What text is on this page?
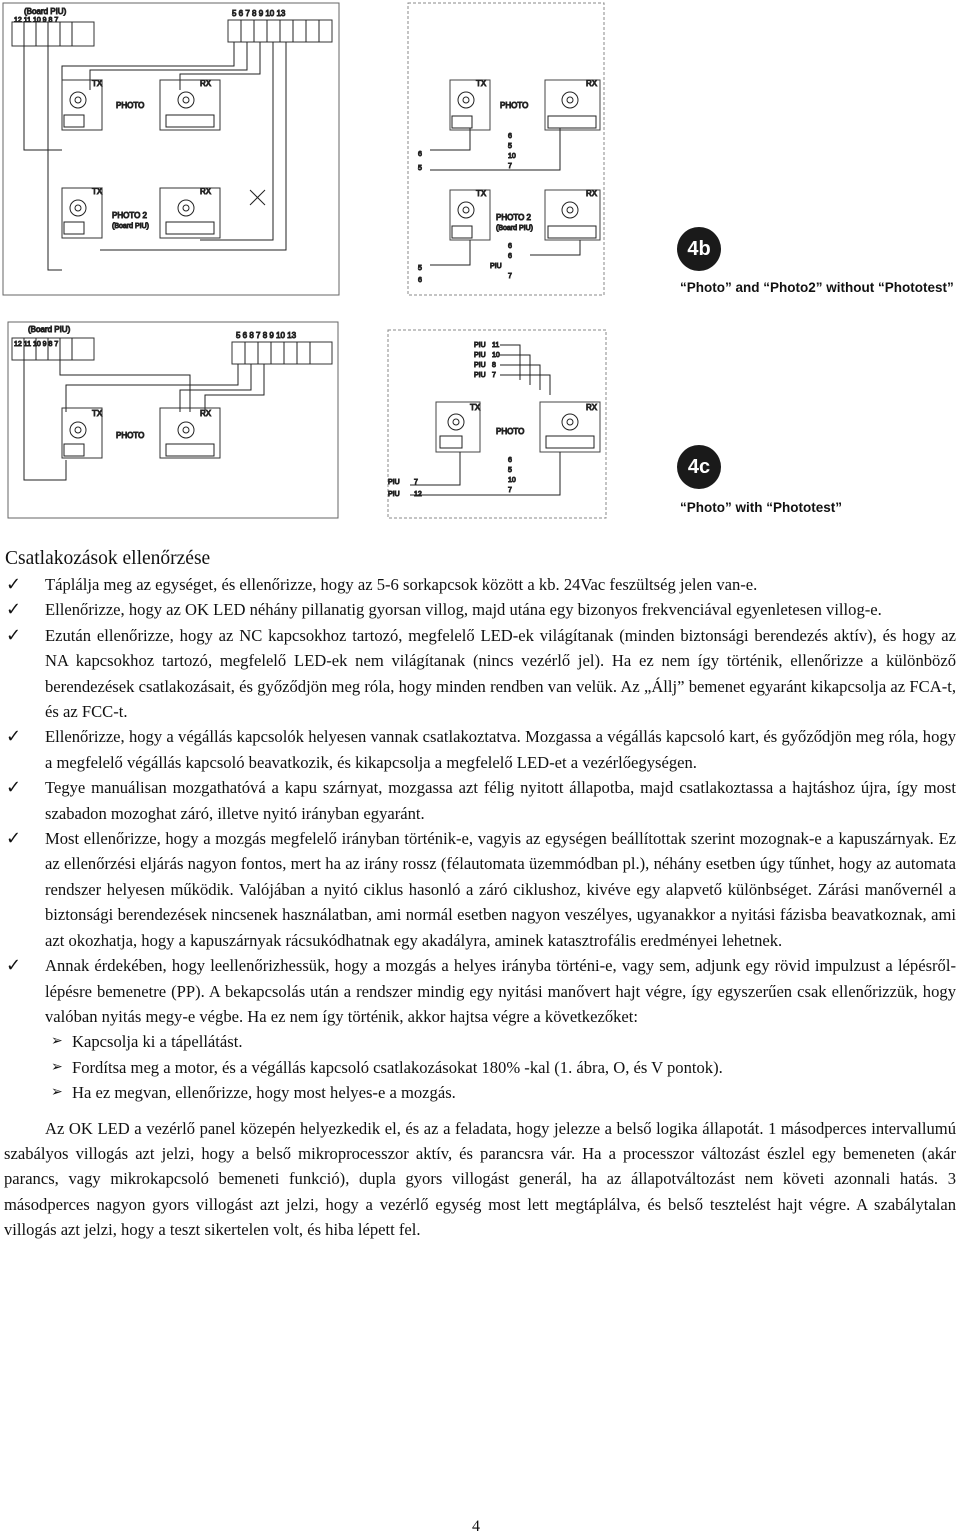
(Board PIU)
12 11 10 9 8 7
5 6 7 8 9 10 13
TX	RX
PHOTO
TX	RX
PHOTO 2
(Board PIU)
TX	RX
PHOTO
TX	RX
PHOTO 2
(Board PIU)
6
5
6
5
10
7
6
6
PIU
7
5
6
(Board PIU)
12 11 10 9 8 7
5 6 8 7 8 9 10 13
TX	RX
PHOTO
TX	RX
PHOTO
PIU 11
PIU 10
PIU 8
PIU 7
6
5
10
7
PIU 7
PIU 12
4b
“Photo” and “Photo2” without “Phototest”
4c
“Photo” with “Phototest”
Csatlakozások ellenőrzése
✓ Táplálja meg az egységet, és ellenőrizze, hogy az 5-6 sorkapcsok között a kb. 24Vac feszültség jelen van-e.
✓ Ellenőrizze, hogy az OK LED néhány pillanatig gyorsan villog, majd utána egy bizonyos frekvenciával egyenletesen villog-e.
✓ Ezután ellenőrizze, hogy az NC kapcsokhoz tartozó, megfelelő LED-ek világítanak (minden biztonsági berendezés aktív), és hogy az NA kapcsokhoz tartozó, megfelelő LED-ek nem világítanak (nincs vezérlő jel). Ha ez nem így történik, ellenőrizze a különböző berendezések csatlakozásait, és győződjön meg róla, hogy minden rendben van velük. Az „Állj” bemenet egyaránt kikapcsolja az FCA-t, és az FCC-t.
✓ Ellenőrizze, hogy a végállás kapcsolók helyesen vannak csatlakoztatva. Mozgassa a végállás kapcsoló kart, és győződjön meg róla, hogy a megfelelő végállás kapcsoló beavatkozik, és kikapcsolja a megfelelő LED-et a vezérlőegységen.
✓ Tegye manuálisan mozgathatóvá a kapu szárnyat, mozgassa azt félig nyitott állapotba, majd csatlakoztassa a hajtáshoz újra, így most szabadon mozoghat záró, illetve nyitó irányban egyaránt.
✓ Most ellenőrizze, hogy a mozgás megfelelő irányban történik-e, vagyis az egységen beállítottak szerint mozognak-e a kapuszárnyak. Ez az ellenőrzési eljárás nagyon fontos, mert ha az irány rossz (félautomata üzemmódban pl.), néhány esetben úgy tűnhet, hogy az automata rendszer helyesen működik. Valójában a nyitó ciklus hasonló a záró ciklushoz, kivéve egy alapvető különbséget. Zárási manővernél a biztonsági berendezések nincsenek használatban, ami normál esetben nagyon veszélyes, ugyanakkor a nyitási fázisba beavatkoznak, ami azt okozhatja, hogy a kapuszárnyak rácsukódhatnak egy akadályra, aminek katasztrofális eredményei lehetnek.
✓ Annak érdekében, hogy leellenőrizhessük, hogy a mozgás a helyes irányba történi-e, vagy sem, adjunk egy rövid impulzust a lépésről-lépésre bemenetre (PP). A bekapcsolás után a rendszer mindig egy nyitási manővert hajt végre, így egyszerűen csak ellenőrizzük, hogy valóban nyitás megy-e végbe. Ha ez nem így történik, akkor hajtsa végre a következőket:
➢ Kapcsolja ki a tápellátást.
➢ Fordítsa meg a motor, és a végállás kapcsoló csatlakozásokat 180% -kal (1. ábra, O, és V pontok).
➢ Ha ez megvan, ellenőrizze, hogy most helyes-e a mozgás.

Az OK LED a vezérlő panel közepén helyezkedik el, és az a feladata, hogy jelezze a belső logika állapotát. 1 másodperces intervallumú szabályos villogás azt jelzi, hogy a belső mikroprocesszor aktív, és parancsra vár. Ha a processzor változást észlel egy bemeneten (akár parancs, vagy mikrokapcsoló bemeneti funkció), dupla gyors villogást generál, ha az állapotváltozást nem követi azonnali hatás. 3 másodperces nagyon gyors villogást azt jelzi, hogy a vezérlő egység most lett megtáplálva, és belső tesztelést hajt végre. A szabálytalan villogás azt jelzi, hogy a teszt sikertelen volt, és hiba lépett fel.

4
